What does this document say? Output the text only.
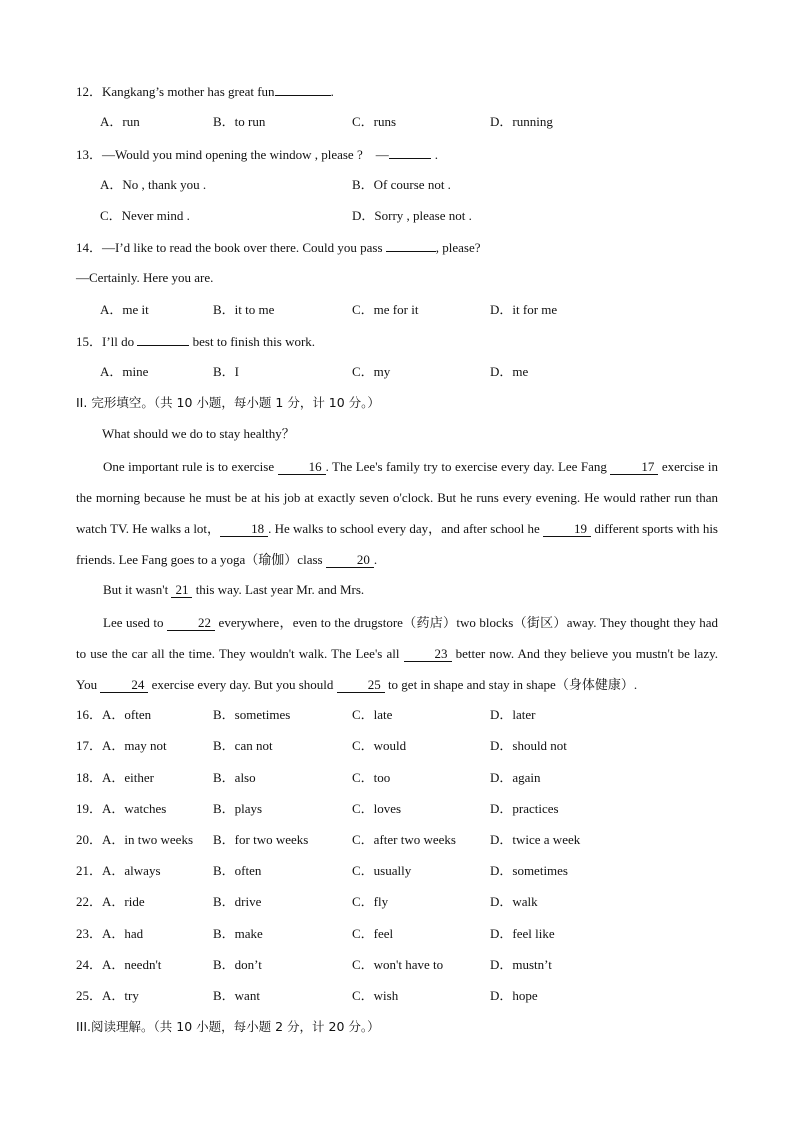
12．Kangkang’s mother has great fun	.
A．run	B．to run	C．runs	D．running
13．—Would you mind opening the window , please ?　—	.
A．No , thank you .	B．Of course not .
C．Never mind .	D．Sorry , please not .
14．—I’d like to read the book over there. Could you pass	, please?
—Certainly. Here you are.
A．me it	B．it to me	C．me for it	D．it for me
15．I’ll do	best to finish this work.
A．mine	B．I	C．my	D．me
II. 完形填空。（共 10 小题，每小题 1 分，计 10 分。）
What should we do to stay healthy？
One important rule is to exercise 16 . The Lee's family try to exercise every day. Lee Fang 17 exercise in the morning because he must be at his job at exactly seven o'clock. But he runs every evening. He would rather run than watch TV. He walks a lot， 18 . He walks to school every day，and after school he 19 different sports with his friends. Lee Fang goes to a yoga（瑜伽）class 20 .
But it wasn't 21 this way. Last year Mr. and Mrs.
Lee used to 22 everywhere，even to the drugstore（药店）two blocks（街区）away. They thought they had to use the car all the time. They wouldn't walk. The Lee's all 23 better now. And they believe you mustn't be lazy. You 24 exercise every day. But you should 25 to get in shape and stay in shape（身体健康）.
16．A．often	B．sometimes	C．late	D．later
17．A．may not	B．can not	C．would	D．should not
18．A．either	B．also	C．too	D．again
19．A．watches	B．plays	C．loves	D．practices
20．A．in two weeks B．for two weeks	C．after two weeks	D．twice a week
21．A．always	B．often	C．usually	D．sometimes
22．A．ride	B．drive	C．fly	D．walk
23．A．had	B．make	C．feel	D．feel like
24．A．needn't	B．don’t	C．won't have to	D．mustn’t
25．A．try	B．want	C．wish	D．hope
III.阅读理解。（共 10 小题，每小题 2 分，计 20 分。）
